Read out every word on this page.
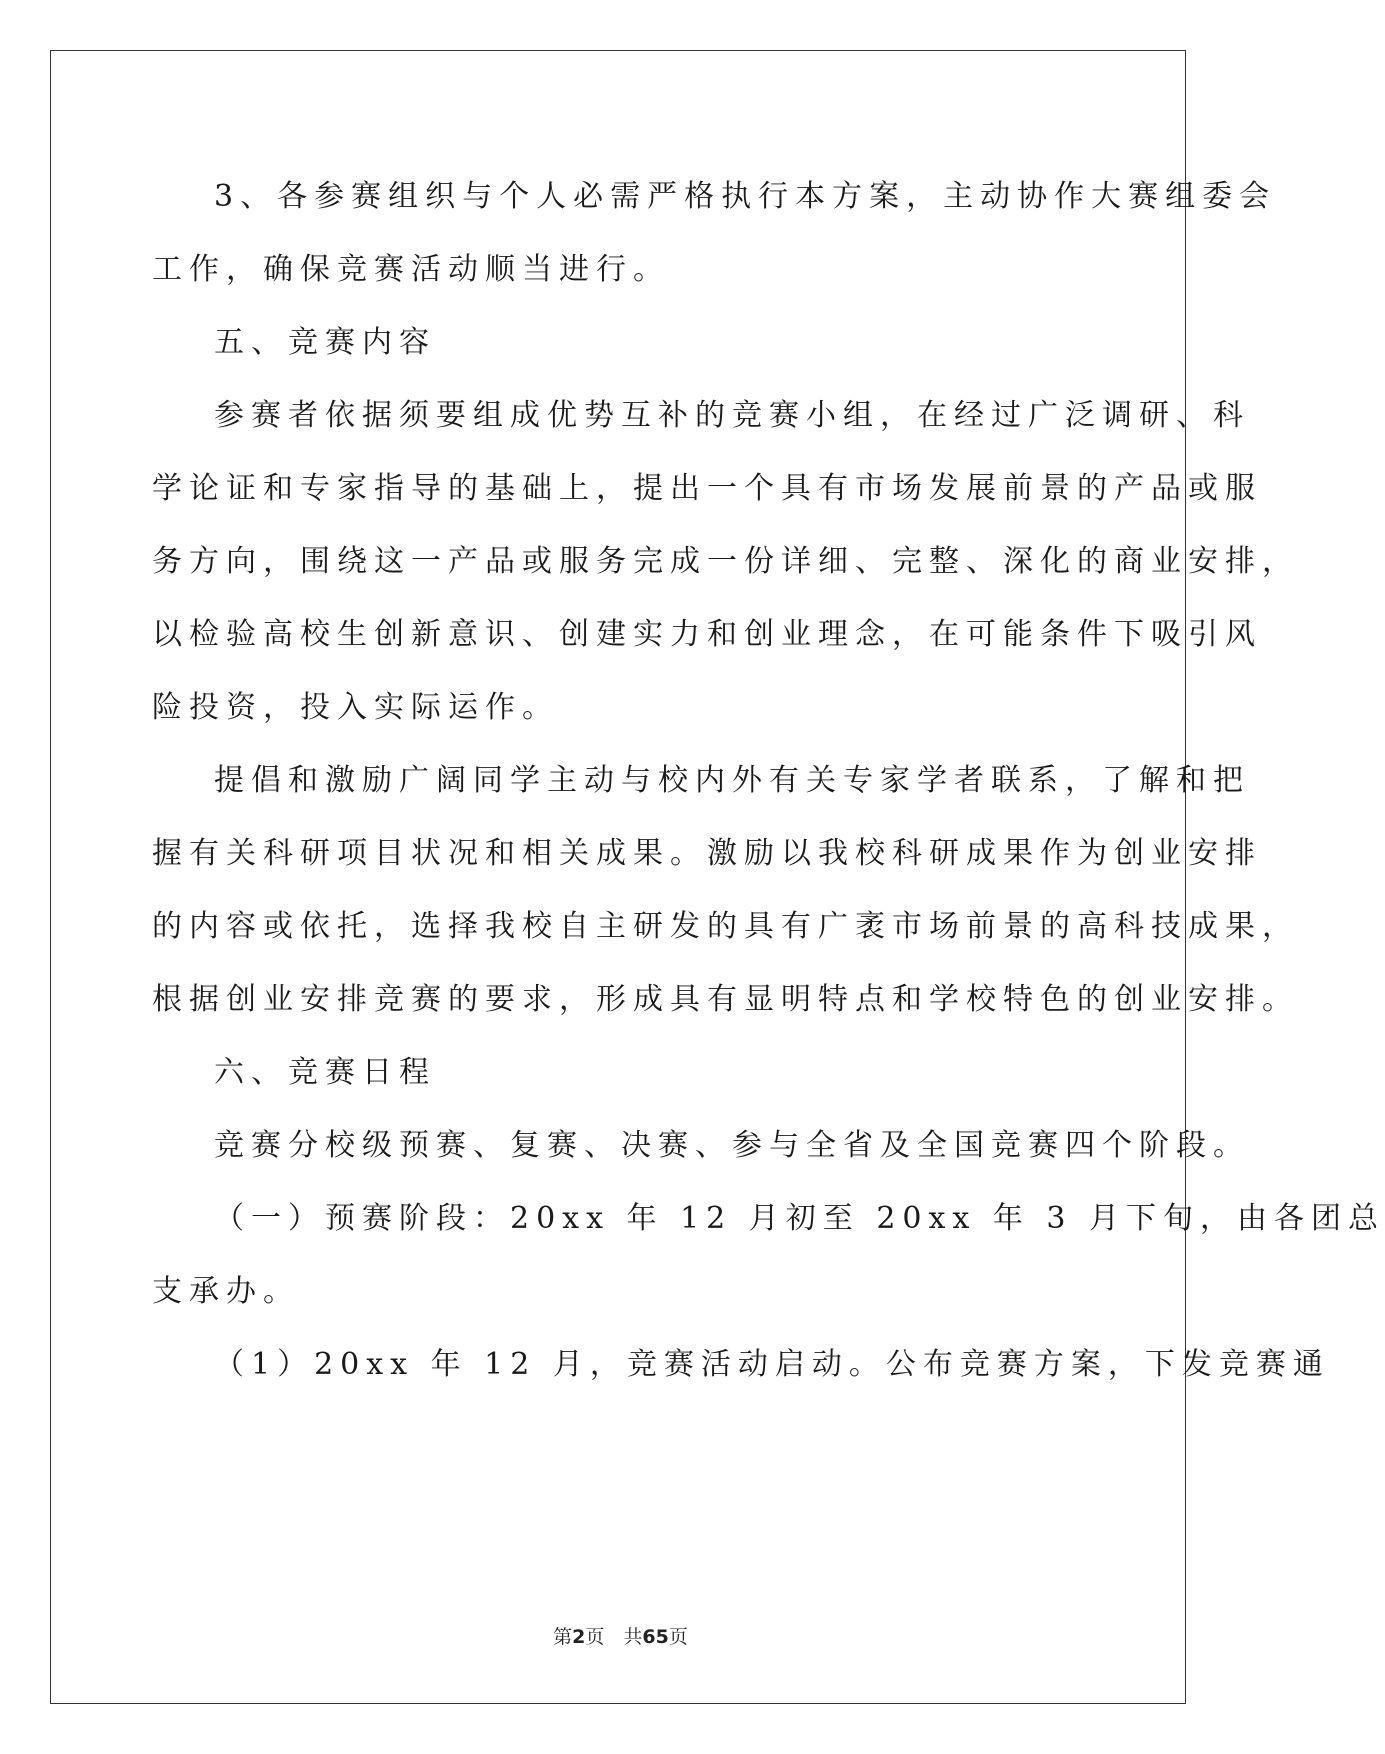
3、各参赛组织与个人必需严格执行本方案，主动协作大赛组委会
工作，确保竞赛活动顺当进行。
五、竞赛内容
参赛者依据须要组成优势互补的竞赛小组，在经过广泛调研、科
学论证和专家指导的基础上，提出一个具有市场发展前景的产品或服
务方向，围绕这一产品或服务完成一份详细、完整、深化的商业安排，
以检验高校生创新意识、创建实力和创业理念，在可能条件下吸引风
险投资，投入实际运作。
提倡和激励广阔同学主动与校内外有关专家学者联系，了解和把
握有关科研项目状况和相关成果。激励以我校科研成果作为创业安排
的内容或依托，选择我校自主研发的具有广袤市场前景的高科技成果，
根据创业安排竞赛的要求，形成具有显明特点和学校特色的创业安排。
六、竞赛日程
竞赛分校级预赛、复赛、决赛、参与全省及全国竞赛四个阶段。
（一）预赛阶段：20xx 年 12 月初至 20xx 年 3 月下旬，由各团总
支承办。
（1）20xx 年 12 月，竞赛活动启动。公布竞赛方案，下发竞赛通
第2页　共65页
